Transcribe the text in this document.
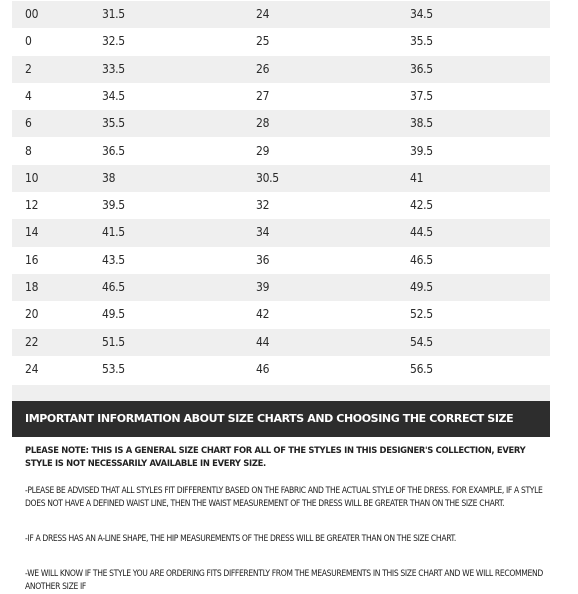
00	31.5	24	34.5
0	32.5	25	35.5
2	33.5	26	36.5
4	34.5	27	37.5
6	35.5	28	38.5
8	36.5	29	39.5
10	38	30.5	41
12	39.5	32	42.5
14	41.5	34	44.5
16	43.5	36	46.5
18	46.5	39	49.5
20	49.5	42	52.5
22	51.5	44	54.5
24	53.5	46	56.5
IMPORTANT INFORMATION ABOUT SIZE CHARTS AND CHOOSING THE CORRECT SIZE

PLEASE NOTE: THIS IS A GENERAL SIZE CHART FOR ALL OF THE STYLES IN THIS DESIGNER'S COLLECTION, EVERY STYLE IS NOT NECESSARILY AVAILABLE IN EVERY SIZE.

-PLEASE BE ADVISED THAT ALL STYLES FIT DIFFERENTLY BASED ON THE FABRIC AND THE ACTUAL STYLE OF THE DRESS. FOR EXAMPLE, IF A STYLE DOES NOT HAVE A DEFINED WAIST LINE, THEN THE WAIST MEASUREMENT OF THE DRESS WILL BE GREATER THAN ON THE SIZE CHART.

-IF A DRESS HAS AN A-LINE SHAPE, THE HIP MEASUREMENTS OF THE DRESS WILL BE GREATER THAN ON THE SIZE CHART.

-WE WILL KNOW IF THE STYLE YOU ARE ORDERING FITS DIFFERENTLY FROM THE MEASUREMENTS IN THIS SIZE CHART AND WE WILL RECOMMEND ANOTHER SIZE IF
